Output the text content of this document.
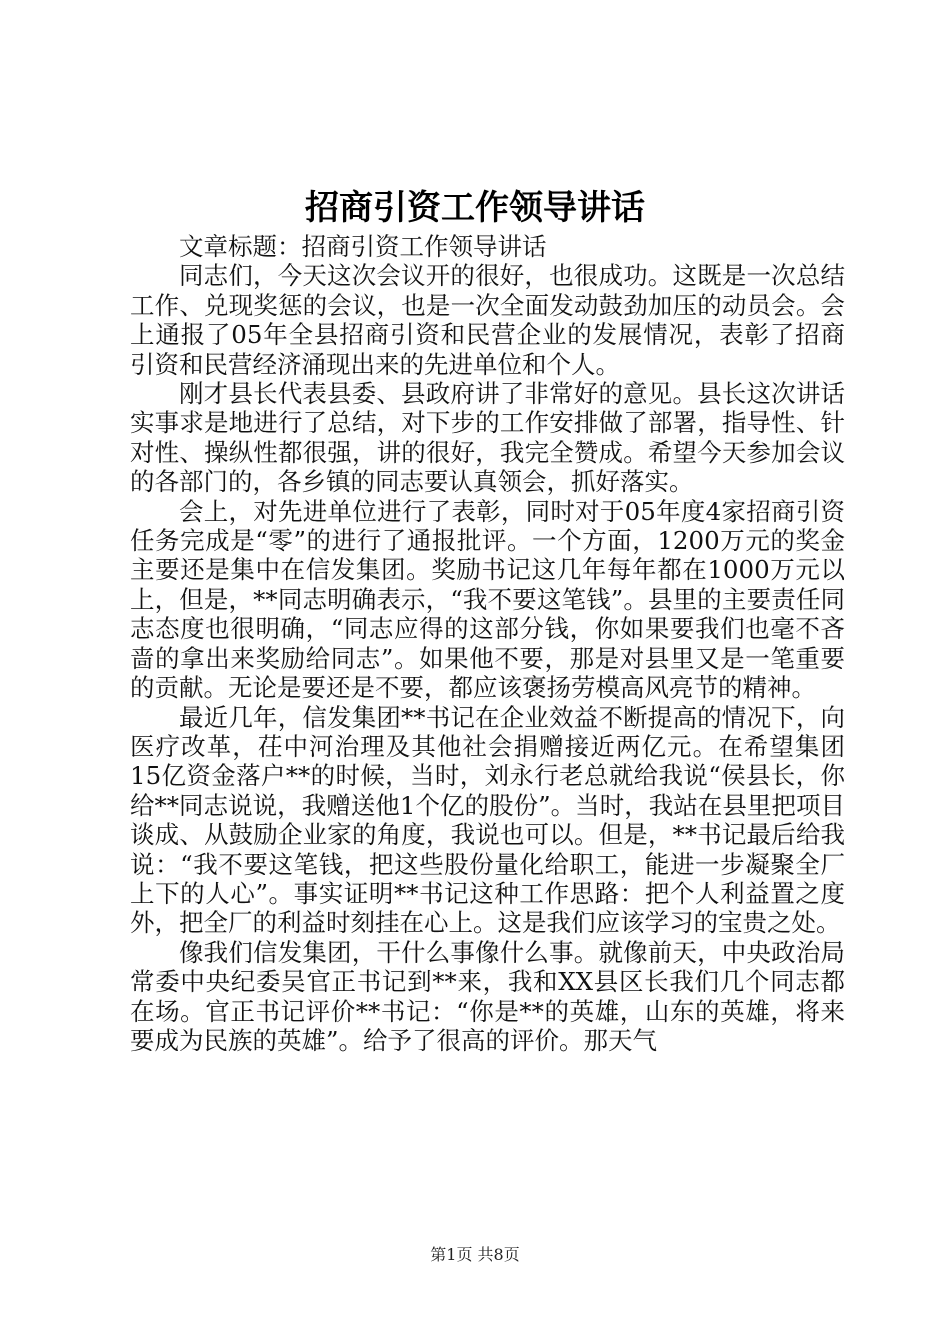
招商引资工作领导讲话

文章标题：招商引资工作领导讲话

同志们，今天这次会议开的很好，也很成功。这既是一次总结工作、兑现奖惩的会议，也是一次全面发动鼓劲加压的动员会。会上通报了05年全县招商引资和民营企业的发展情况，表彰了招商引资和民营经济涌现出来的先进单位和个人。

刚才县长代表县委、县政府讲了非常好的意见。县长这次讲话实事求是地进行了总结，对下步的工作安排做了部署，指导性、针对性、操纵性都很强，讲的很好，我完全赞成。希望今天参加会议的各部门的，各乡镇的同志要认真领会，抓好落实。

会上，对先进单位进行了表彰，同时对于05年度4家招商引资任务完成是“零”的进行了通报批评。一个方面，1200万元的奖金主要还是集中在信发集团。奖励书记这几年每年都在1000万元以上，但是，**同志明确表示，“我不要这笔钱”。县里的主要责任同志态度也很明确，“同志应得的这部分钱，你如果要我们也毫不吝啬的拿出来奖励给同志”。如果他不要，那是对县里又是一笔重要的贡献。无论是要还是不要，都应该褒扬劳模高风亮节的精神。

最近几年，信发集团**书记在企业效益不断提高的情况下，向医疗改革，茌中河治理及其他社会捐赠接近两亿元。在希望集团15亿资金落户**的时候，当时，刘永行老总就给我说“侯县长，你给**同志说说，我赠送他1个亿的股份”。当时，我站在县里把项目谈成、从鼓励企业家的角度，我说也可以。但是，**书记最后给我说：“我不要这笔钱，把这些股份量化给职工，能进一步凝聚全厂上下的人心”。事实证明**书记这种工作思路：把个人利益置之度外，把全厂的利益时刻挂在心上。这是我们应该学习的宝贵之处。

像我们信发集团，干什么事像什么事。就像前天，中央政治局常委中央纪委吴官正书记到**来，我和XX县区长我们几个同志都在场。官正书记评价**书记：“你是**的英雄，山东的英雄，将来要成为民族的英雄”。给予了很高的评价。那天气

第1页 共8页
